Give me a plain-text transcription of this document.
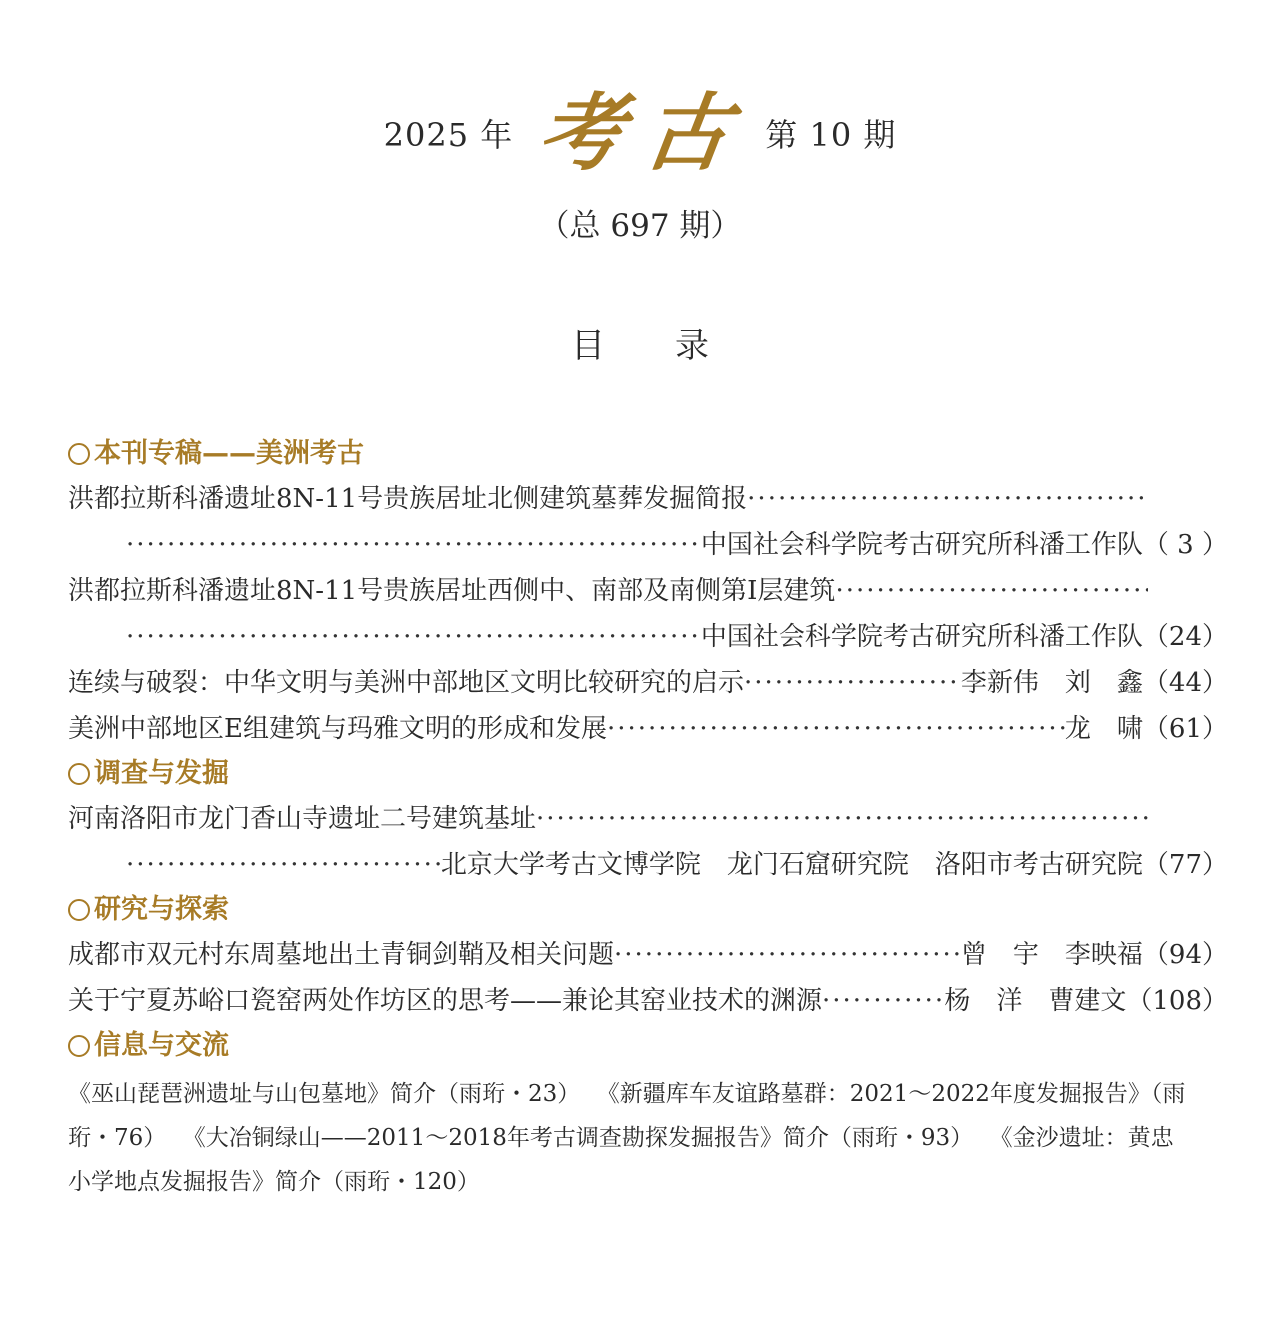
2025 年 考古 第 10 期
（总 697 期）
目录
本刊专稿——美洲考古
洪都拉斯科潘遗址8N-11号贵族居址北侧建筑墓葬发掘简报
·····
·····
中国社会科学院考古研究所科潘工作队（ 3 ）
洪都拉斯科潘遗址8N-11号贵族居址西侧中、南部及南侧第Ⅰ层建筑
·····
·····
中国社会科学院考古研究所科潘工作队（24）
连续与破裂：中华文明与美洲中部地区文明比较研究的启示 ·····	李新伟　刘　鑫（44）
美洲中部地区E组建筑与玛雅文明的形成和发展 ·····	龙　啸（61）
调查与发掘
河南洛阳市龙门香山寺遗址二号建筑基址
·····
·····
北京大学考古文博学院　龙门石窟研究院　洛阳市考古研究院（77）
研究与探索
成都市双元村东周墓地出土青铜剑鞘及相关问题 ·····	曾　宇　李映福（94）
关于宁夏苏峪口瓷窑两处作坊区的思考——兼论其窑业技术的渊源 ·····	杨　洋　曹建文（108）
信息与交流
《巫山琵琶洲遗址与山包墓地》简介（雨珩・23） 《新疆库车友谊路墓群：2021～2022年度发掘报告》（雨珩・76） 《大冶铜绿山——2011～2018年考古调查勘探发掘报告》简介（雨珩・93） 《金沙遗址：黄忠小学地点发掘报告》简介（雨珩・120）
